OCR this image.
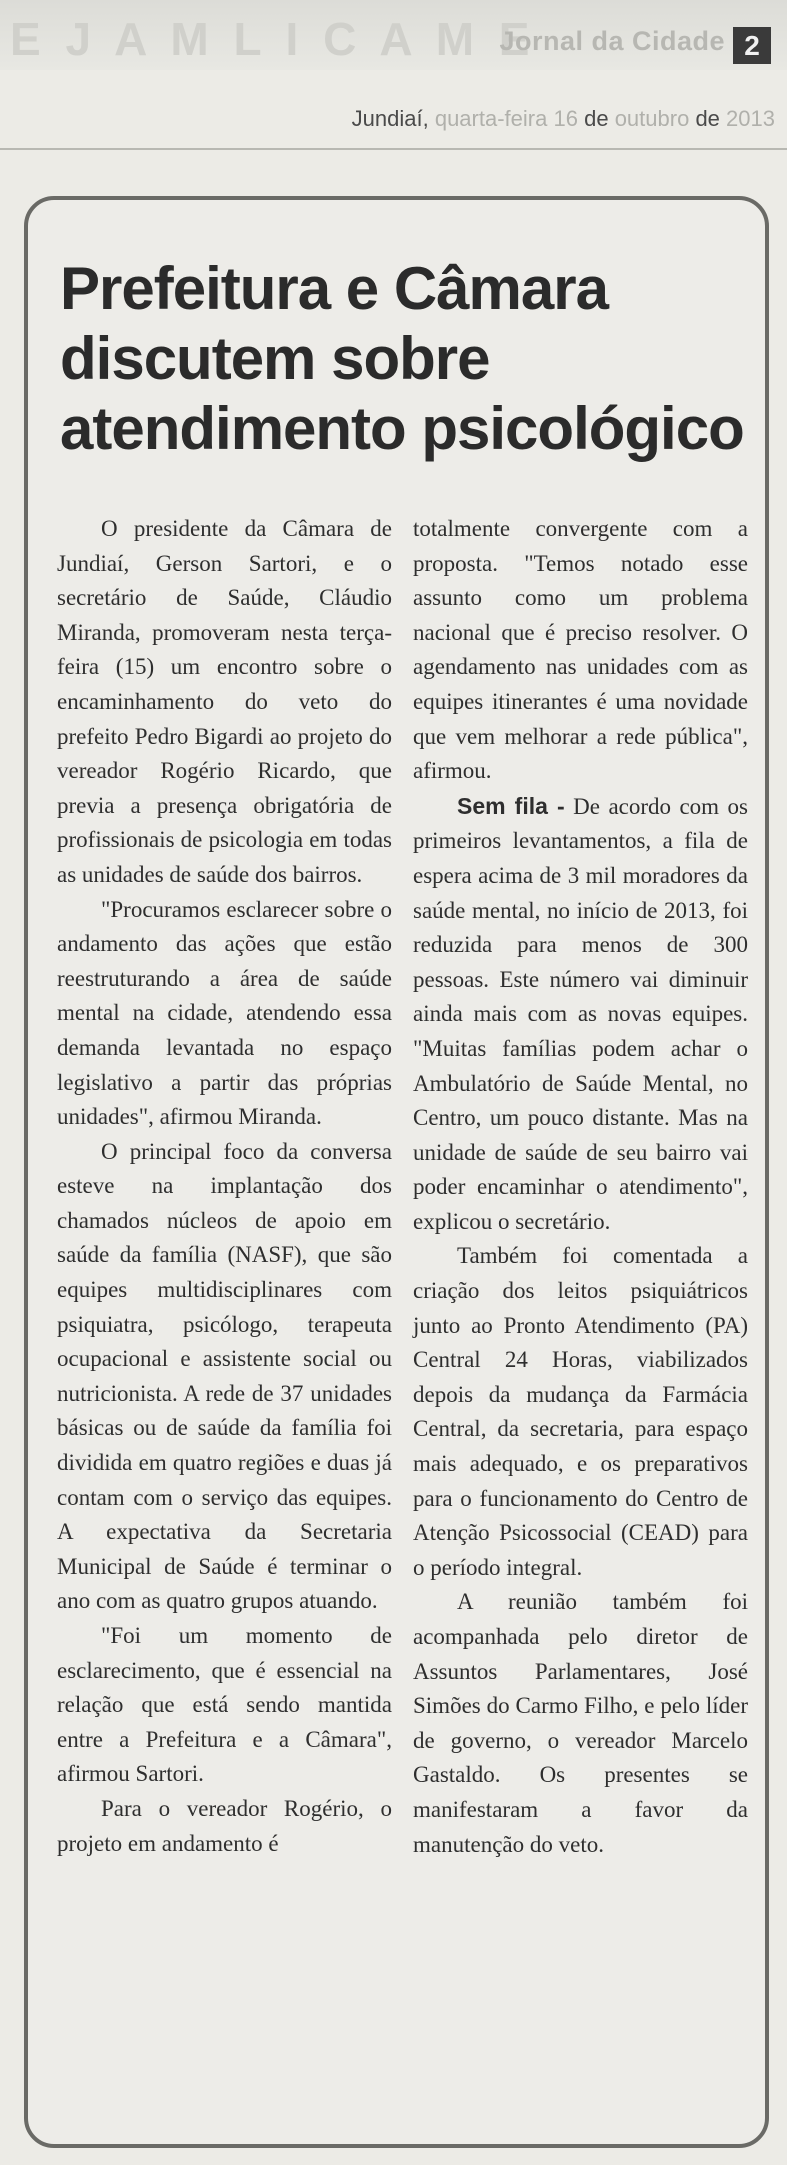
E J A M L I C A M E
Jornal da Cidade 2
Jundiaí, quarta-feira 16 de outubro de 2013
Prefeitura e Câmara discutem sobre atendimento psicológico

O presidente da Câmara de Jundiaí, Gerson Sartori, e o secretário de Saúde, Cláudio Miranda, promoveram nesta terça-feira (15) um encontro sobre o encaminhamento do veto do prefeito Pedro Bigardi ao projeto do vereador Rogério Ricardo, que previa a presença obrigatória de profissionais de psicologia em todas as unidades de saúde dos bairros.

"Procuramos esclarecer sobre o andamento das ações que estão reestruturando a área de saúde mental na cidade, atendendo essa demanda levantada no espaço legislativo a partir das próprias unidades", afirmou Miranda.

O principal foco da conversa esteve na implantação dos chamados núcleos de apoio em saúde da família (NASF), que são equipes multidisciplinares com psiquiatra, psicólogo, terapeuta ocupacional e assistente social ou nutricionista. A rede de 37 unidades básicas ou de saúde da família foi dividida em quatro regiões e duas já contam com o serviço das equipes. A expectativa da Secretaria Municipal de Saúde é terminar o ano com as quatro grupos atuando.

"Foi um momento de esclarecimento, que é essencial na relação que está sendo mantida entre a Prefeitura e a Câmara", afirmou Sartori.

Para o vereador Rogério, o projeto em andamento é

totalmente convergente com a proposta. "Temos notado esse assunto como um problema nacional que é preciso resolver. O agendamento nas unidades com as equipes itinerantes é uma novidade que vem melhorar a rede pública", afirmou.

Sem fila - De acordo com os primeiros levantamentos, a fila de espera acima de 3 mil moradores da saúde mental, no início de 2013, foi reduzida para menos de 300 pessoas. Este número vai diminuir ainda mais com as novas equipes. "Muitas famílias podem achar o Ambulatório de Saúde Mental, no Centro, um pouco distante. Mas na unidade de saúde de seu bairro vai poder encaminhar o atendimento", explicou o secretário.

Também foi comentada a criação dos leitos psiquiátricos junto ao Pronto Atendimento (PA) Central 24 Horas, viabilizados depois da mudança da Farmácia Central, da secretaria, para espaço mais adequado, e os preparativos para o funcionamento do Centro de Atenção Psicossocial (CEAD) para o período integral.

A reunião também foi acompanhada pelo diretor de Assuntos Parlamentares, José Simões do Carmo Filho, e pelo líder de governo, o vereador Marcelo Gastaldo. Os presentes se manifestaram a favor da manutenção do veto.
